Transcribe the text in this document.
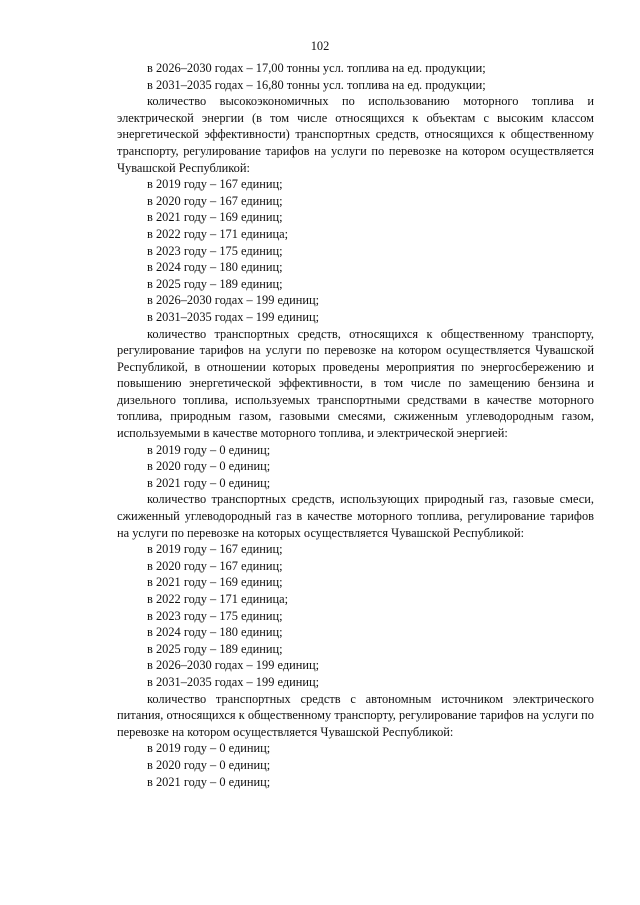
102
в 2026–2030 годах – 17,00 тонны усл. топлива на ед. продукции;
в 2031–2035 годах – 16,80 тонны усл. топлива на ед. продукции;

количество высокоэкономичных по использованию моторного топлива и электрической энергии (в том числе относящихся к объектам с высоким классом энергетической эффективности) транспортных средств, относящихся к общественному транспорту, регулирование тарифов на услуги по перевозке на котором осуществляется Чувашской Республикой:

в 2019 году – 167 единиц;
в 2020 году – 167 единиц;
в 2021 году – 169 единиц;
в 2022 году – 171 единица;
в 2023 году – 175 единиц;
в 2024 году – 180 единиц;
в 2025 году – 189 единиц;
в 2026–2030 годах – 199 единиц;
в 2031–2035 годах – 199 единиц;

количество транспортных средств, относящихся к общественному транспорту, регулирование тарифов на услуги по перевозке на котором осуществляется Чувашской Республикой, в отношении которых проведены мероприятия по энергосбережению и повышению энергетической эффективности, в том числе по замещению бензина и дизельного топлива, используемых транспортными средствами в качестве моторного топлива, природным газом, газовыми смесями, сжиженным углеводородным газом, используемыми в качестве моторного топлива, и электрической энергией:

в 2019 году – 0 единиц;
в 2020 году – 0 единиц;
в 2021 году – 0 единиц;

количество транспортных средств, использующих природный газ, газовые смеси, сжиженный углеводородный газ в качестве моторного топлива, регулирование тарифов на услуги по перевозке на которых осуществляется Чувашской Республикой:

в 2019 году – 167 единиц;
в 2020 году – 167 единиц;
в 2021 году – 169 единиц;
в 2022 году – 171 единица;
в 2023 году – 175 единиц;
в 2024 году – 180 единиц;
в 2025 году – 189 единиц;
в 2026–2030 годах – 199 единиц;
в 2031–2035 годах – 199 единиц;

количество транспортных средств с автономным источником электрического питания, относящихся к общественному транспорту, регулирование тарифов на услуги по перевозке на котором осуществляется Чувашской Республикой:

в 2019 году – 0 единиц;
в 2020 году – 0 единиц;
в 2021 году – 0 единиц;
